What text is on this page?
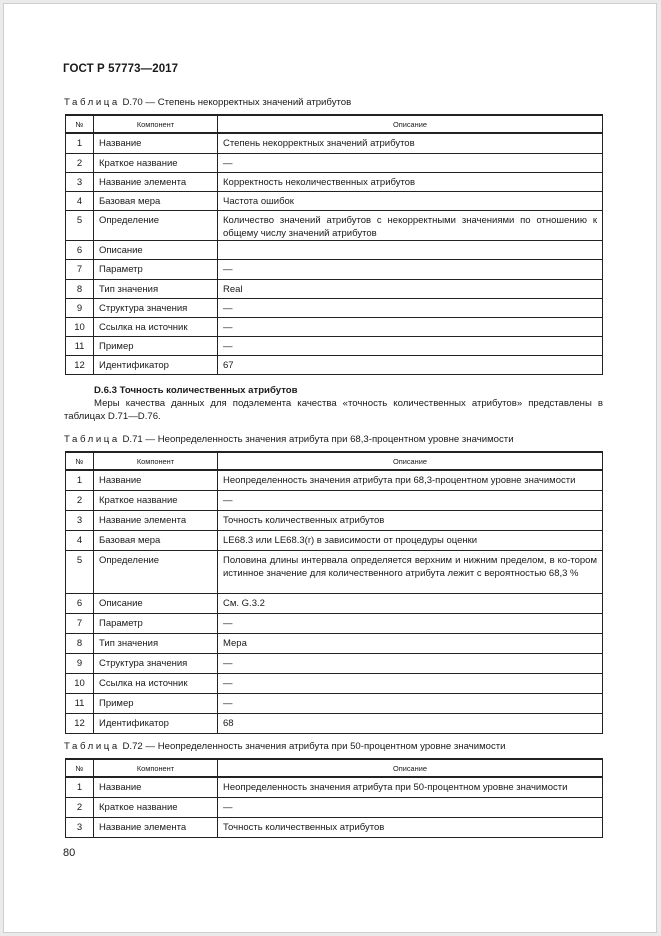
ГОСТ Р 57773—2017
Таблица D.70 — Степень некорректных значений атрибутов
№	Компонент	Описание
1	Название	Степень некорректных значений атрибутов
2	Краткое название	—
3	Название элемента	Корректность неколичественных атрибутов
4	Базовая мера	Частота ошибок
5	Определение	Количество значений атрибутов с некорректными значениями по отношению к общему числу значений атрибутов
6	Описание	
7	Параметр	—
8	Тип значения	Real
9	Структура значения	—
10	Ссылка на источник	—
11	Пример	—
12	Идентификатор	67
D.6.3 Точность количественных атрибутов
Меры качества данных для подэлемента качества «точность количественных атрибутов» представлены в таблицах D.71—D.76.
Таблица D.71 — Неопределенность значения атрибута при 68,3-процентном уровне значимости
№	Компонент	Описание
1	Название	Неопределенность значения атрибута при 68,3-процентном уровне значимости
2	Краткое название	—
3	Название элемента	Точность количественных атрибутов
4	Базовая мера	LE68.3 или LE68.3(r) в зависимости от процедуры оценки
5	Определение	Половина длины интервала определяется верхним и нижним пределом, в ко-тором истинное значение для количественного атрибута лежит с вероятностью 68,3 %
6	Описание	См. G.3.2
7	Параметр	—
8	Тип значения	Мера
9	Структура значения	—
10	Ссылка на источник	—
11	Пример	—
12	Идентификатор	68
Таблица D.72 — Неопределенность значения атрибута при 50-процентном уровне значимости
№	Компонент	Описание
1	Название	Неопределенность значения атрибута при 50-процентном уровне значимости
2	Краткое название	—
3	Название элемента	Точность количественных атрибутов
80
